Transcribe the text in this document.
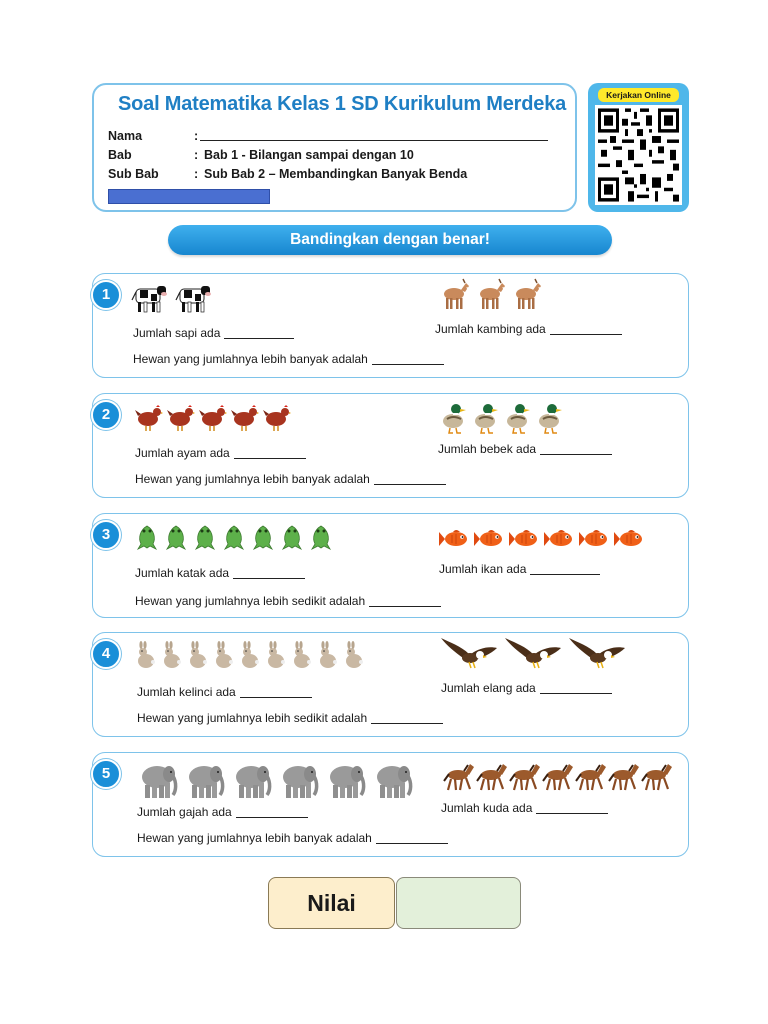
Soal Matematika Kelas 1 SD Kurikulum Merdeka
Nama	:
Bab	: Bab 1 - Bilangan sampai dengan 10
Sub Bab	: Sub Bab 2 – Membandingkan Banyak Benda
Kerjakan Online
Bandingkan dengan benar!
1
Jumlah sapi ada	Jumlah kambing ada
Hewan yang jumlahnya lebih banyak adalah
2
Jumlah ayam ada	Jumlah bebek ada
Hewan yang jumlahnya lebih banyak adalah
3
Jumlah katak ada	Jumlah ikan ada
Hewan yang jumlahnya lebih sedikit adalah
4
Jumlah kelinci ada	Jumlah elang ada
Hewan yang jumlahnya lebih sedikit adalah
5
Jumlah gajah ada	Jumlah kuda ada
Hewan yang jumlahnya lebih banyak adalah
Nilai
